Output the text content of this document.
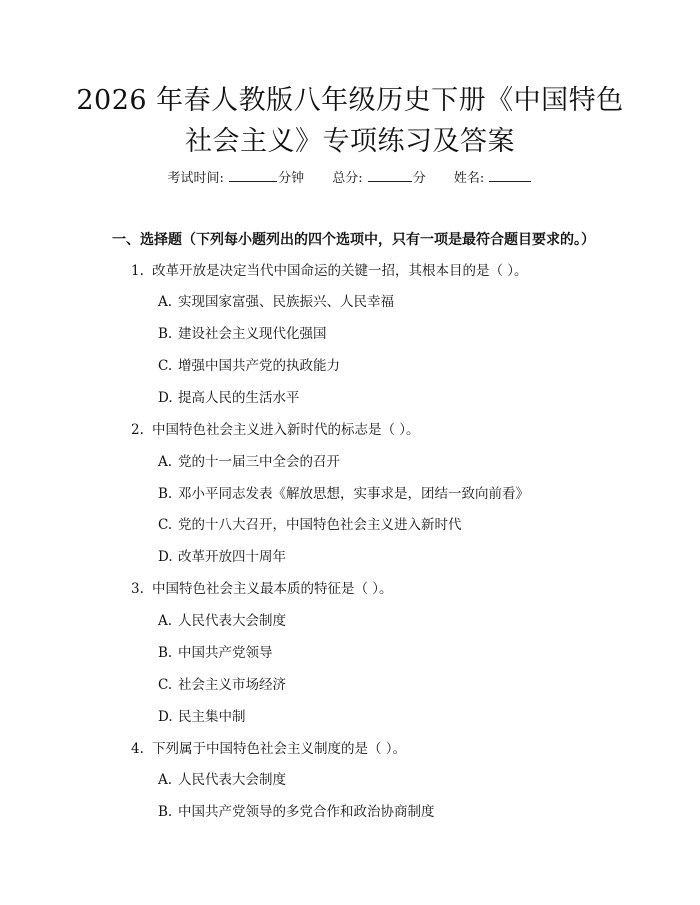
2026 年春人教版八年级历史下册《中国特色
社会主义》专项练习及答案
考试时间:	分钟 总分:	分 姓名:
一、选择题（下列每小题列出的四个选项中，只有一项是最符合题目要求的。）
1. 改革开放是决定当代中国命运的关键一招，其根本目的是（ ）。
A. 实现国家富强、民族振兴、人民幸福
B. 建设社会主义现代化强国
C. 增强中国共产党的执政能力
D. 提高人民的生活水平
2. 中国特色社会主义进入新时代的标志是（ ）。
A. 党的十一届三中全会的召开
B. 邓小平同志发表《解放思想，实事求是，团结一致向前看》
C. 党的十八大召开，中国特色社会主义进入新时代
D. 改革开放四十周年
3. 中国特色社会主义最本质的特征是（ ）。
A. 人民代表大会制度
B. 中国共产党领导
C. 社会主义市场经济
D. 民主集中制
4. 下列属于中国特色社会主义制度的是（ ）。
A. 人民代表大会制度
B. 中国共产党领导的多党合作和政治协商制度
